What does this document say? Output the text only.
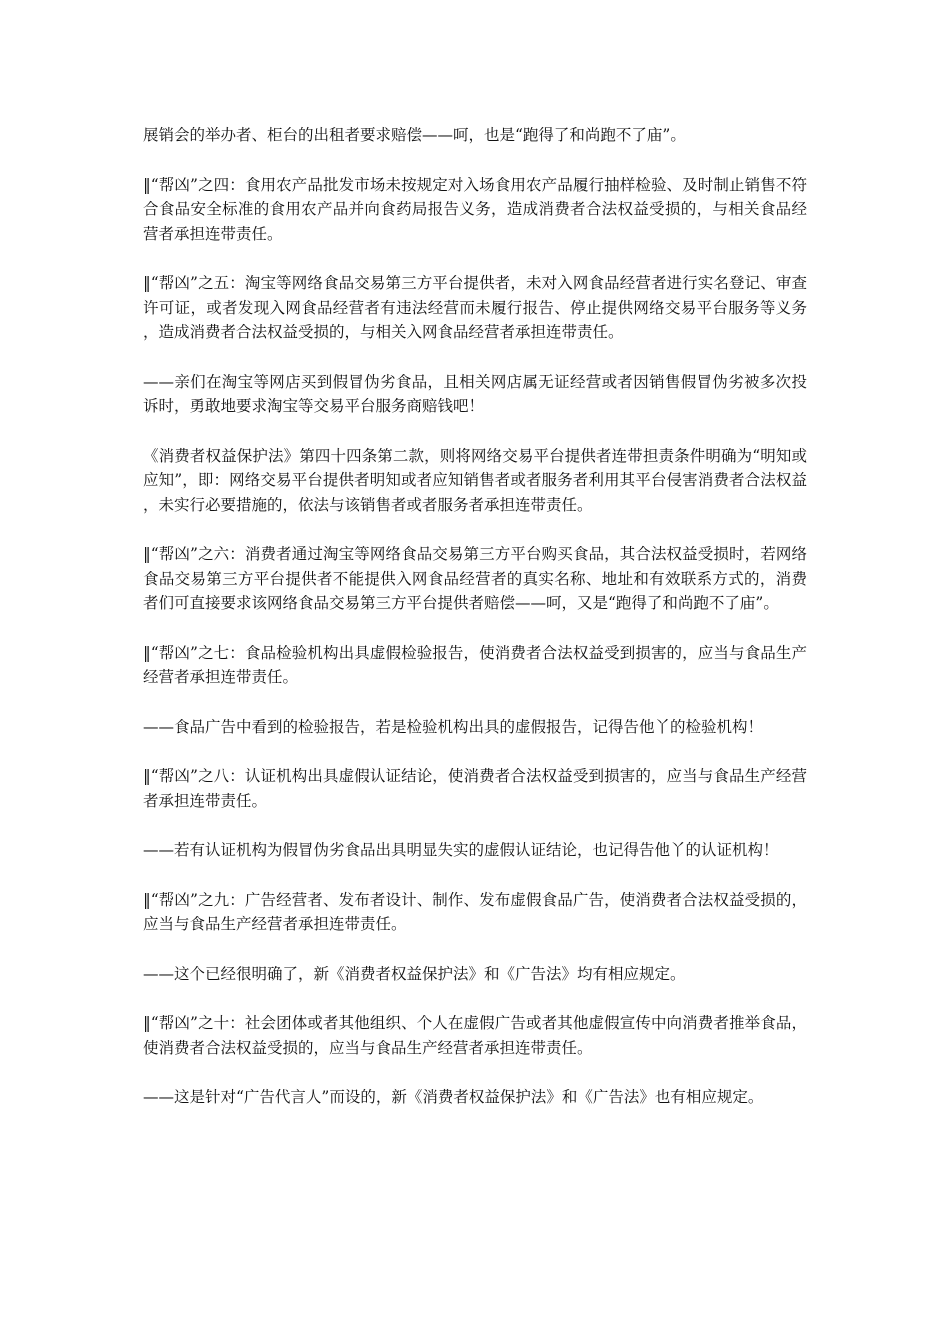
展销会的举办者、柜台的出租者要求赔偿——呵，也是“跑得了和尚跑不了庙”。

‖“帮凶”之四：食用农产品批发市场未按规定对入场食用农产品履行抽样检验、及时制止销售不符合食品安全标准的食用农产品并向食药局报告义务，造成消费者合法权益受损的，与相关食品经营者承担连带责任。

‖“帮凶”之五：淘宝等网络食品交易第三方平台提供者，未对入网食品经营者进行实名登记、审查许可证，或者发现入网食品经营者有违法经营而未履行报告、停止提供网络交易平台服务等义务，造成消费者合法权益受损的，与相关入网食品经营者承担连带责任。

——亲们在淘宝等网店买到假冒伪劣食品，且相关网店属无证经营或者因销售假冒伪劣被多次投诉时，勇敢地要求淘宝等交易平台服务商赔钱吧！

《消费者权益保护法》第四十四条第二款，则将网络交易平台提供者连带担责条件明确为“明知或应知”，即：网络交易平台提供者明知或者应知销售者或者服务者利用其平台侵害消费者合法权益，未实行必要措施的，依法与该销售者或者服务者承担连带责任。

‖“帮凶”之六：消费者通过淘宝等网络食品交易第三方平台购买食品，其合法权益受损时，若网络食品交易第三方平台提供者不能提供入网食品经营者的真实名称、地址和有效联系方式的，消费者们可直接要求该网络食品交易第三方平台提供者赔偿——呵，又是“跑得了和尚跑不了庙”。

‖“帮凶”之七：食品检验机构出具虚假检验报告，使消费者合法权益受到损害的，应当与食品生产经营者承担连带责任。

——食品广告中看到的检验报告，若是检验机构出具的虚假报告，记得告他丫的检验机构！

‖“帮凶”之八：认证机构出具虚假认证结论，使消费者合法权益受到损害的，应当与食品生产经营者承担连带责任。

——若有认证机构为假冒伪劣食品出具明显失实的虚假认证结论，也记得告他丫的认证机构！

‖“帮凶”之九：广告经营者、发布者设计、制作、发布虚假食品广告，使消费者合法权益受损的，应当与食品生产经营者承担连带责任。

——这个已经很明确了，新《消费者权益保护法》和《广告法》均有相应规定。

‖“帮凶”之十：社会团体或者其他组织、个人在虚假广告或者其他虚假宣传中向消费者推举食品，使消费者合法权益受损的，应当与食品生产经营者承担连带责任。

——这是针对“广告代言人”而设的，新《消费者权益保护法》和《广告法》也有相应规定。
